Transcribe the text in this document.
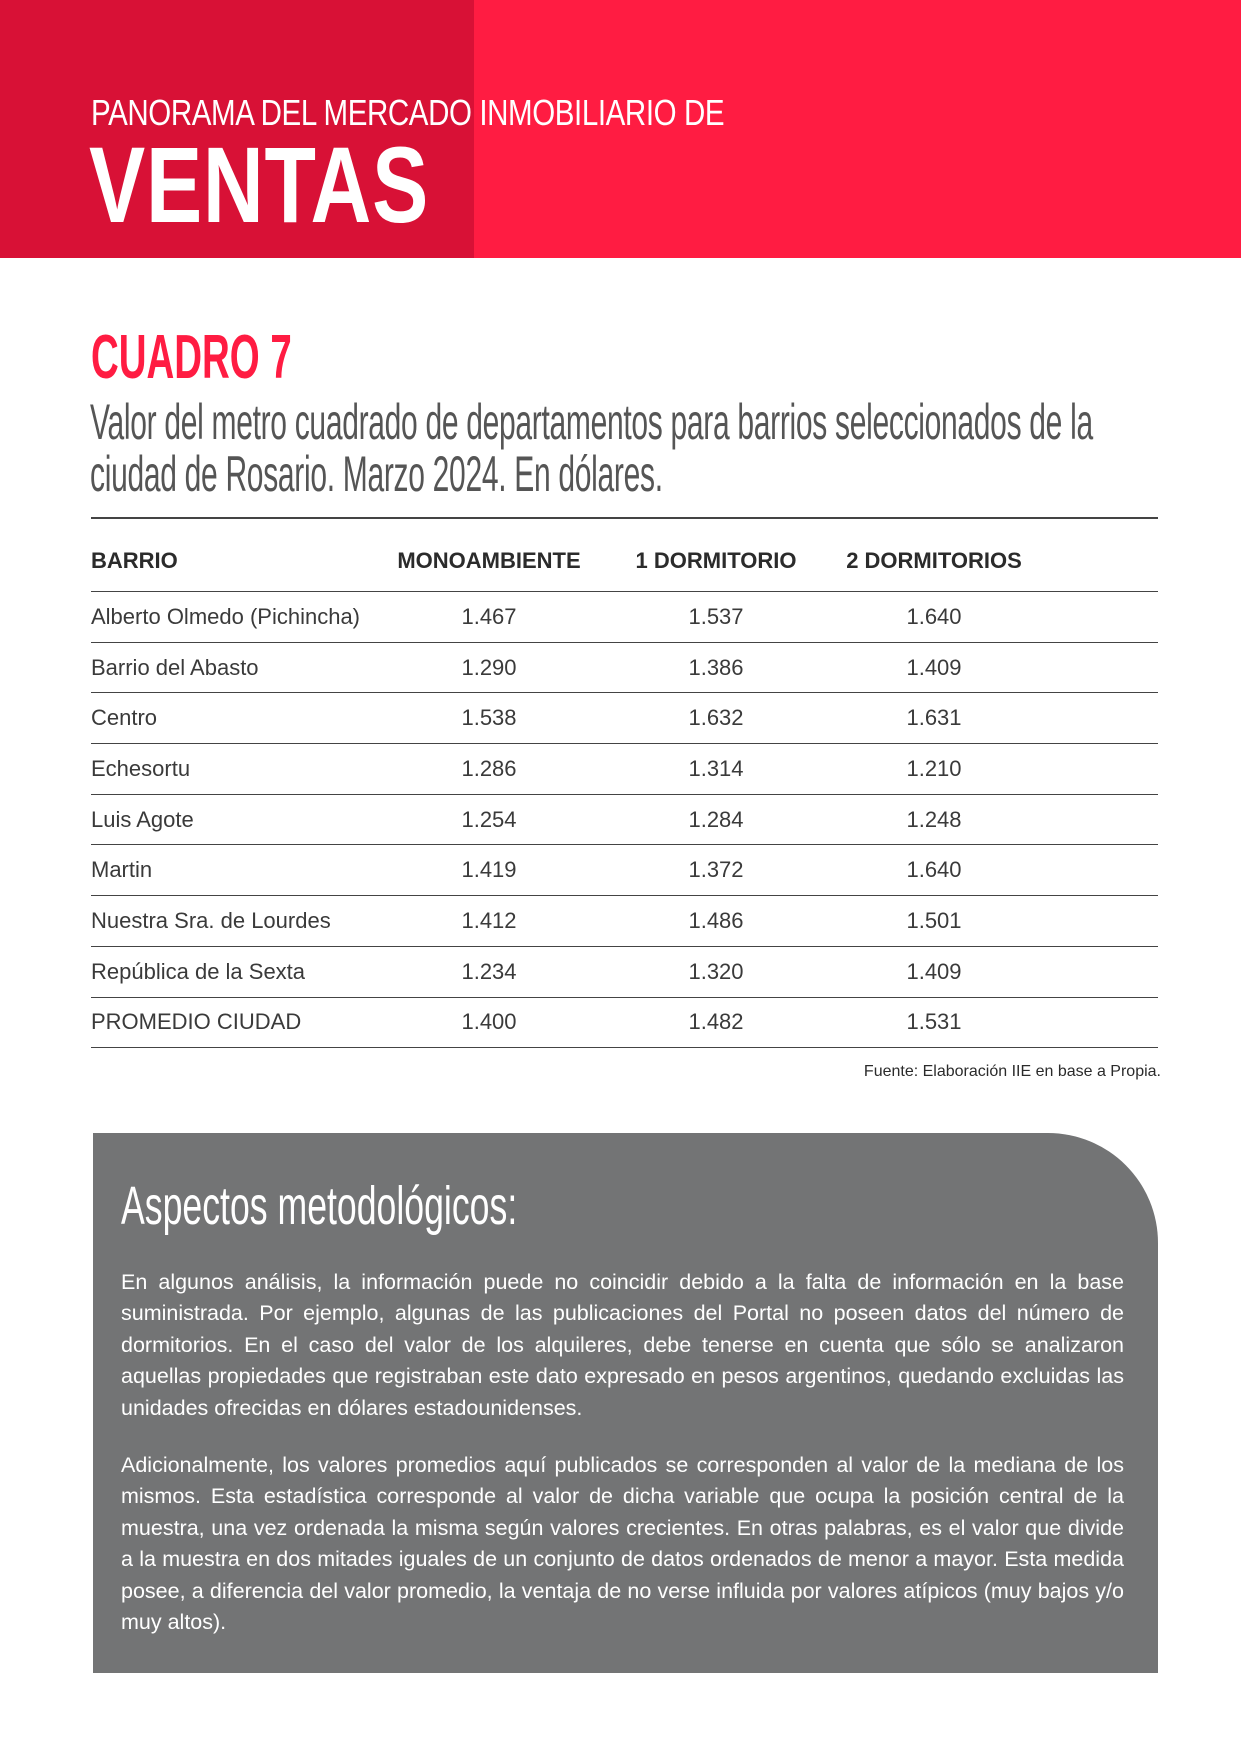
PANORAMA DEL MERCADO INMOBILIARIO DE

VENTAS

CUADRO 7
Valor del metro cuadrado de departamentos para barrios seleccionados de la ciudad de Rosario. Marzo 2024. En dólares.
BARRIO	MONOAMBIENTE	1 DORMITORIO	2 DORMITORIOS	
Alberto Olmedo (Pichincha)	1.467	1.537	1.640	
Barrio del Abasto	1.290	1.386	1.409	
Centro	1.538	1.632	1.631	
Echesortu	1.286	1.314	1.210	
Luis Agote	1.254	1.284	1.248	
Martin	1.419	1.372	1.640	
Nuestra Sra. de Lourdes	1.412	1.486	1.501	
República de la Sexta	1.234	1.320	1.409	
PROMEDIO CIUDAD	1.400	1.482	1.531	
Fuente: Elaboración IIE en base a Propia.
Aspectos metodológicos:

En algunos análisis, la información puede no coincidir debido a la falta de información en la base suministrada. Por ejemplo, algunas de las publicaciones del Portal no poseen datos del número de dormitorios. En el caso del valor de los alquileres, debe tenerse en cuenta que sólo se analizaron aquellas propiedades que registraban este dato expresado en pesos argentinos, quedando excluidas las unidades ofrecidas en dólares estadounidenses.

Adicionalmente, los valores promedios aquí publicados se corresponden al valor de la mediana de los mismos. Esta estadística corresponde al valor de dicha variable que ocupa la posición central de la muestra, una vez ordenada la misma según valores crecientes. En otras palabras, es el valor que divide a la muestra en dos mitades iguales de un conjunto de datos ordenados de menor a mayor. Esta medida posee, a diferencia del valor promedio, la ventaja de no verse influida por valores atípicos (muy bajos y/o muy altos).
